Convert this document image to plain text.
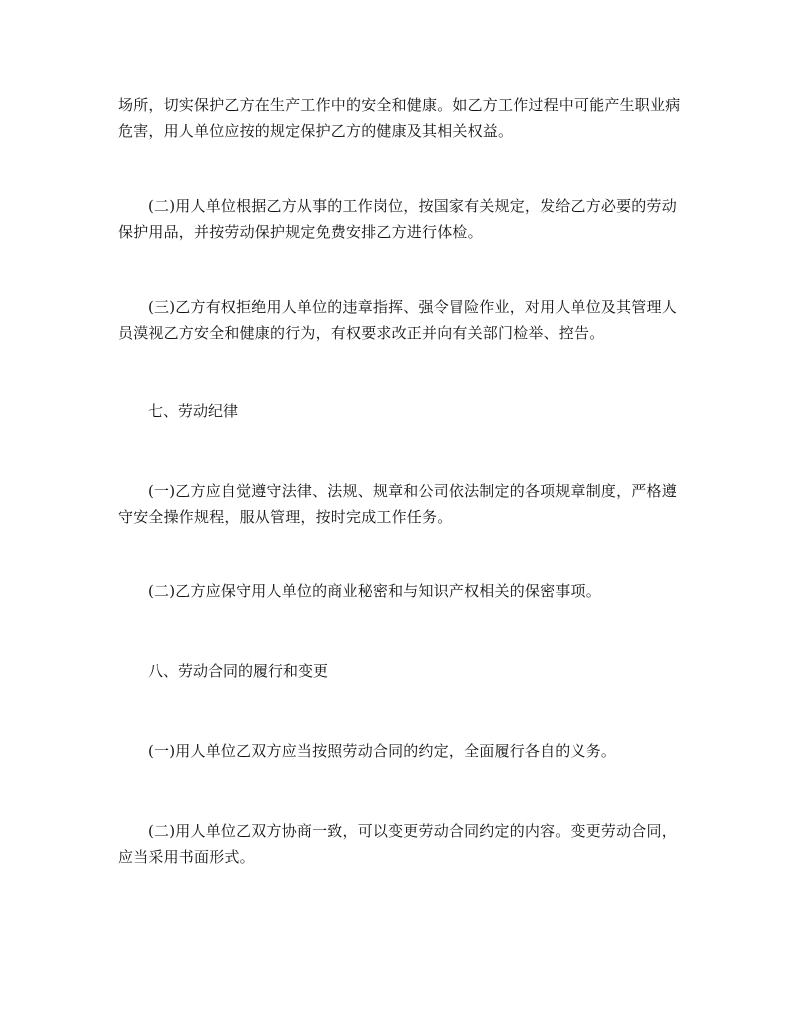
场所，切实保护乙方在生产工作中的安全和健康。如乙方工作过程中可能产生职业病危害，用人单位应按的规定保护乙方的健康及其相关权益。

(二)用人单位根据乙方从事的工作岗位，按国家有关规定，发给乙方必要的劳动保护用品，并按劳动保护规定免费安排乙方进行体检。

(三)乙方有权拒绝用人单位的违章指挥、强令冒险作业，对用人单位及其管理人员漠视乙方安全和健康的行为，有权要求改正并向有关部门检举、控告。

七、劳动纪律

(一)乙方应自觉遵守法律、法规、规章和公司依法制定的各项规章制度，严格遵守安全操作规程，服从管理，按时完成工作任务。

(二)乙方应保守用人单位的商业秘密和与知识产权相关的保密事项。

八、劳动合同的履行和变更

(一)用人单位乙双方应当按照劳动合同的约定，全面履行各自的义务。

(二)用人单位乙双方协商一致，可以变更劳动合同约定的内容。变更劳动合同，应当采用书面形式。
